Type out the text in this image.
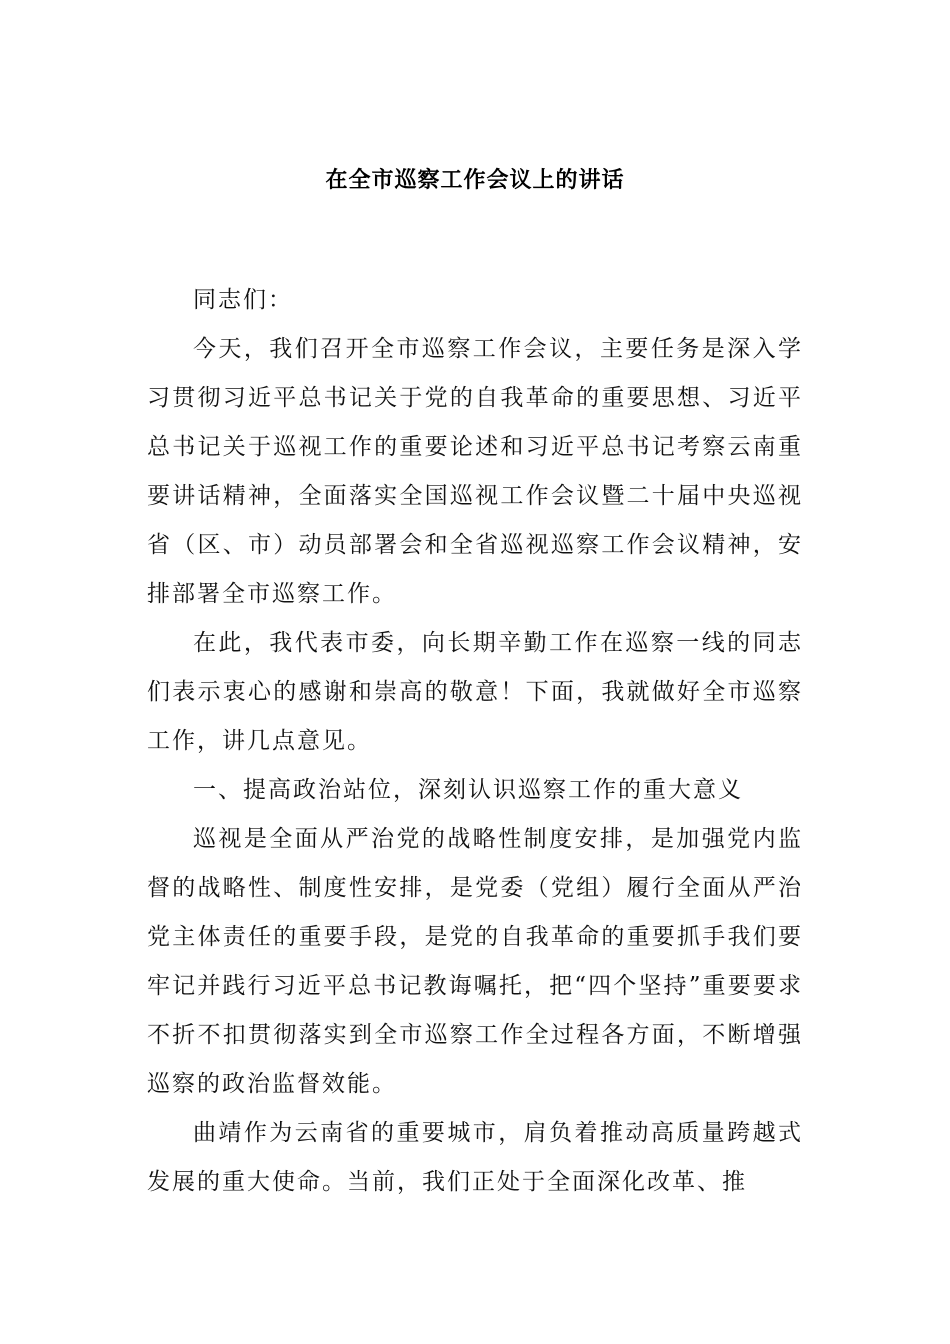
在全市巡察工作会议上的讲话

同志们：

今天，我们召开全市巡察工作会议，主要任务是深入学习贯彻习近平总书记关于党的自我革命的重要思想、习近平总书记关于巡视工作的重要论述和习近平总书记考察云南重要讲话精神，全面落实全国巡视工作会议暨二十届中央巡视省（区、市）动员部署会和全省巡视巡察工作会议精神，安排部署全市巡察工作。

在此，我代表市委，向长期辛勤工作在巡察一线的同志们表示衷心的感谢和崇高的敬意！下面，我就做好全市巡察工作，讲几点意见。

一、提高政治站位，深刻认识巡察工作的重大意义

巡视是全面从严治党的战略性制度安排，是加强党内监督的战略性、制度性安排，是党委（党组）履行全面从严治党主体责任的重要手段，是党的自我革命的重要抓手我们要牢记并践行习近平总书记教诲嘱托，把“四个坚持”重要要求不折不扣贯彻落实到全市巡察工作全过程各方面，不断增强巡察的政治监督效能。

曲靖作为云南省的重要城市，肩负着推动高质量跨越式发展的重大使命。当前，我们正处于全面深化改革、推
